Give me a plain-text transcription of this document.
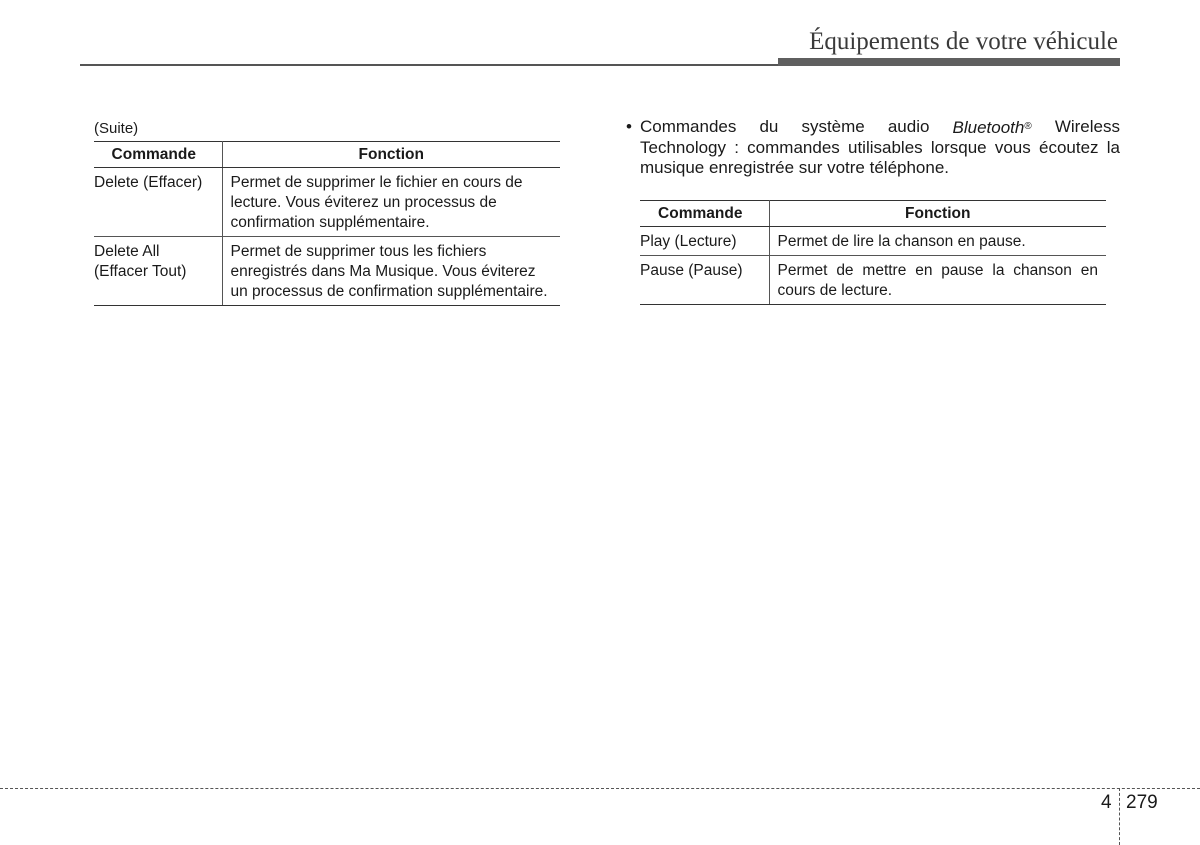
Équipements de votre véhicule
(Suite)
Commande	Fonction
Delete (Effacer)	Permet de supprimer le fichier en cours de lecture. Vous éviterez un processus de confirmation supplémentaire.

Delete All
(Effacer Tout)	Permet de supprimer tous les fichiers enregistrés dans Ma Musique. Vous éviterez un processus de confirmation supplémentaire.
• Commandes du système audio Bluetooth® Wireless
Technology : commandes utilisables lorsque vous écoutez la musique enregistrée sur votre téléphone.
Commande	Fonction
Play (Lecture)	Permet de lire la chanson en pause.
Pause (Pause)	Permet de mettre en pause la chanson en cours de lecture.
4 279
